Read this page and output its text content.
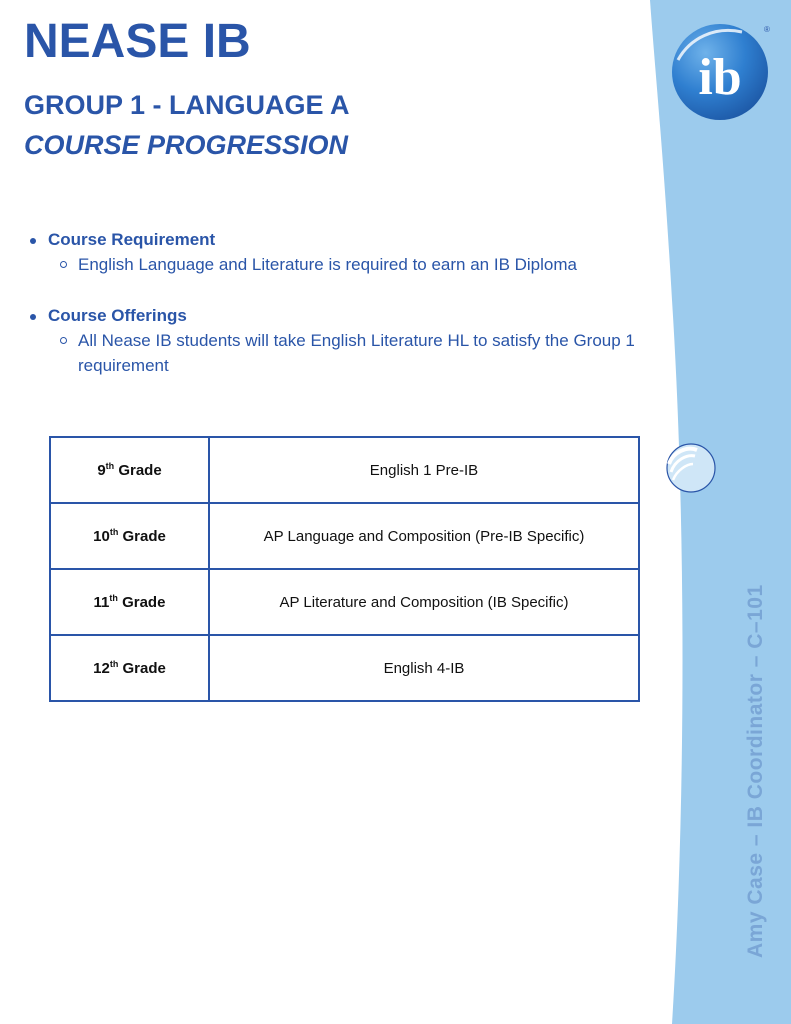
NEASE IB
GROUP 1 - LANGUAGE A
COURSE PROGRESSION
Course Requirement
English Language and Literature is required to earn an IB Diploma
Course Offerings
All Nease IB students will take English Literature HL to satisfy the Group 1 requirement
9th Grade	English 1 Pre-IB
10th Grade	AP Language and Composition (Pre-IB Specific)
11th Grade	AP Literature and Composition (IB Specific)
12th Grade	English 4-IB
ib
®
Amy Case – IB Coordinator – C–101
